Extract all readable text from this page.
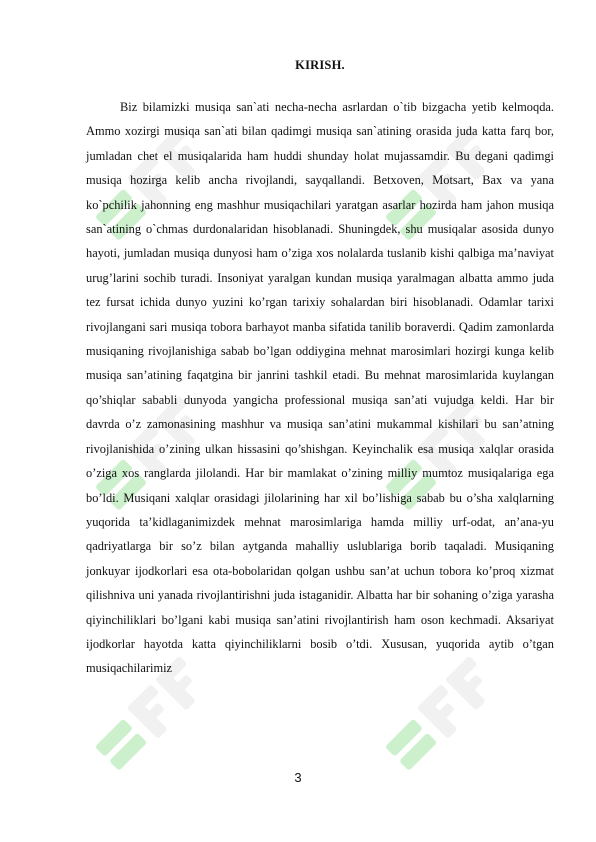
KIRISH.

Biz bilamizki musiqa san`ati necha-necha asrlardan o`tib bizgacha yetib kelmoqda. Ammo xozirgi musiqa san`ati bilan qadimgi musiqa san`atining orasida juda katta farq bor, jumladan chet el musiqalarida ham huddi shunday holat mujassamdir. Bu degani qadimgi musiqa hozirga kelib ancha rivojlandi, sayqallandi. Betxoven, Motsart, Bax va yana ko`pchilik jahonning eng mashhur musiqachilari yaratgan asarlar hozirda ham jahon musiqa san`atining o`chmas durdonalaridan hisoblanadi. Shuningdek, shu musiqalar asosida dunyo hayoti, jumladan musiqa dunyosi ham o’ziga xos nolalarda tuslanib kishi qalbiga ma’naviyat urug’larini sochib turadi. Insoniyat yaralgan kundan musiqa yaralmagan albatta ammo juda tez fursat ichida dunyo yuzini ko’rgan tarixiy sohalardan biri hisoblanadi. Odamlar tarixi rivojlangani sari musiqa tobora barhayot manba sifatida tanilib boraverdi. Qadim zamonlarda musiqaning rivojlanishiga sabab bo’lgan oddiygina mehnat marosimlari hozirgi kunga kelib musiqa san’atining faqatgina bir janrini tashkil etadi. Bu mehnat marosimlarida kuylangan qo’shiqlar sababli dunyoda yangicha professional musiqa san’ati vujudga keldi. Har bir davrda o’z zamonasining mashhur va musiqa san’atini mukammal kishilari bu san’atning rivojlanishida o’zining ulkan hissasini qo’shishgan. Keyinchalik esa musiqa xalqlar orasida o’ziga xos ranglarda jilolandi. Har bir mamlakat o’zining milliy mumtoz musiqalariga ega bo’ldi. Musiqani xalqlar orasidagi jilolarining har xil bo’lishiga sabab bu o’sha xalqlarning yuqorida ta’kidlaganimizdek mehnat marosimlariga hamda milliy urf-odat, an’ana-yu qadriyatlarga bir so’z bilan aytganda mahalliy uslublariga borib taqaladi. Musiqaning jonkuyar ijodkorlari esa ota-bobolaridan qolgan ushbu san’at uchun tobora ko’proq xizmat qilishniva uni yanada rivojlantirishni juda istaganidir. Albatta har bir sohaning o’ziga yarasha qiyinchiliklari bo’lgani kabi musiqa san’atini rivojlantirish ham oson kechmadi. Aksariyat ijodkorlar hayotda katta qiyinchiliklarni bosib o’tdi. Xususan, yuqorida aytib o’tgan musiqachilarimiz

3
